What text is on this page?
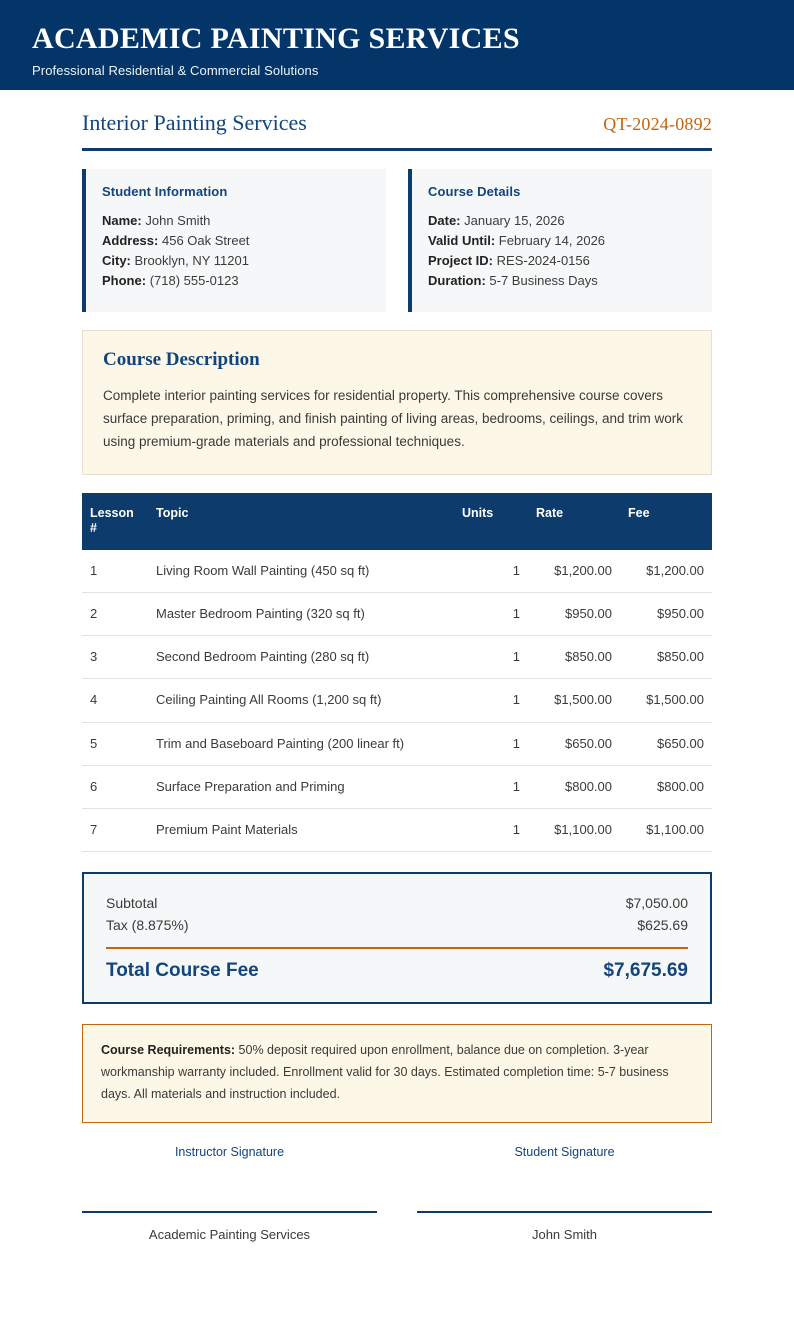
ACADEMIC PAINTING SERVICES
Professional Residential & Commercial Solutions
Interior Painting Services	QT-2024-0892
Student Information
Name: John Smith
Address: 456 Oak Street
City: Brooklyn, NY 11201
Phone: (718) 555-0123
Course Details
Date: January 15, 2026
Valid Until: February 14, 2026
Project ID: RES-2024-0156
Duration: 5-7 Business Days
Course Description

Complete interior painting services for residential property. This comprehensive course covers surface preparation, priming, and finish painting of living areas, bedrooms, ceilings, and trim work using premium-grade materials and professional techniques.

Lesson #	Topic	Units	Rate	Fee
1	Living Room Wall Painting (450 sq ft)	1	$1,200.00	$1,200.00
2	Master Bedroom Painting (320 sq ft)	1	$950.00	$950.00
3	Second Bedroom Painting (280 sq ft)	1	$850.00	$850.00
4	Ceiling Painting All Rooms (1,200 sq ft)	1	$1,500.00	$1,500.00
5	Trim and Baseboard Painting (200 linear ft)	1	$650.00	$650.00
6	Surface Preparation and Priming	1	$800.00	$800.00
7	Premium Paint Materials	1	$1,100.00	$1,100.00
Subtotal	$7,050.00
Tax (8.875%)	$625.69
Total Course Fee	$7,675.69

Course Requirements: 50% deposit required upon enrollment, balance due on completion. 3-year workmanship warranty included. Enrollment valid for 30 days. Estimated completion time: 5-7 business days. All materials and instruction included.

Instructor Signature
Academic Painting Services
Student Signature
John Smith
